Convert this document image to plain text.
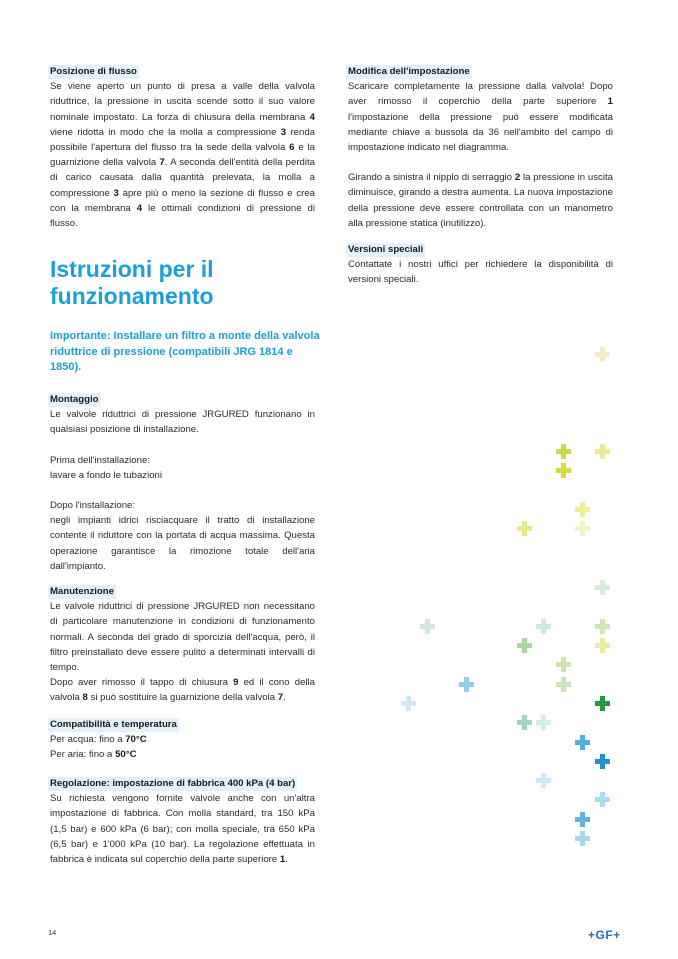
Posizione di flusso

Se viene aperto un punto di presa a valle della valvola riduttrice, la pressione in uscita scende sotto il suo valore nominale impostato. La forza di chiusura della membrana 4 viene ridotta in modo che la molla a compressione 3 renda possibile l'apertura del flusso tra la sede della valvola 6 e la guarnizione della valvola 7. A seconda dell'entità della perdita di carico causata dalla quantità prelevata, la molla a compressione 3 apre più o meno la sezione di flusso e crea con la membrana 4 le ottimali condizioni di pressione di flusso.

Istruzioni per il
funzionamento

Importante: Installare un filtro a monte della valvola riduttrice di pressione (compatibili JRG 1814 e 1850).

Montaggio

Le valvole riduttrici di pressione JRGURED funzionano in qualsiasi posizione di installazione.

Prima dell'installazione:
lavare a fondo le tubazioni

Dopo l'installazione:
negli impianti idrici risciacquare il tratto di installazione contente il riduttore con la portata di acqua massima. Questa operazione garantisce la rimozione totale dell'aria dall'impianto.

Manutenzione

Le valvole riduttrici di pressione JRGURED non necessitano di particolare manutenzione in condizioni di funzionamento normali. A seconda del grado di sporcizia dell'acqua, però, il filtro preinstallato deve essere pulito a determinati intervalli di tempo.

Dopo aver rimosso il tappo di chiusura 9 ed il cono della valvola 8 si può sostituire la guarnizione della valvola 7.

Compatibilità e temperatura

Per acqua: fino a 70°C

Per aria: fino a 50°C

Regolazione: impostazione di fabbrica 400 kPa (4 bar)

Su richiesta vengono fornite valvole anche con un'altra impostazione di fabbrica. Con molla standard, tra 150 kPa (1,5 bar) e 600 kPa (6 bar); con molla speciale, tra 650 kPa (6,5 bar) e 1'000 kPa (10 bar). La regolazione effettuata in fabbrica è indicata sul coperchio della parte superiore 1.

Modifica dell'impostazione

Scaricare completamente la pressione dalla valvola! Dopo aver rimosso il coperchio della parte superiore 1 l'impostazione della pressione può essere modificata mediante chiave a bussola da 36 nell'ambito del campo di impostazione indicato nel diagramma.

Girando a sinistra il nipplo di serraggio 2 la pressione in uscita diminuisce, girando a destra aumenta. La nuova impostazione della pressione deve essere controllata con un manometro alla pressione statica (inutilizzo).

Versioni speciali

Contattate i nostri uffici per richiedere la disponibilità di versioni speciali.

14	+GF+
